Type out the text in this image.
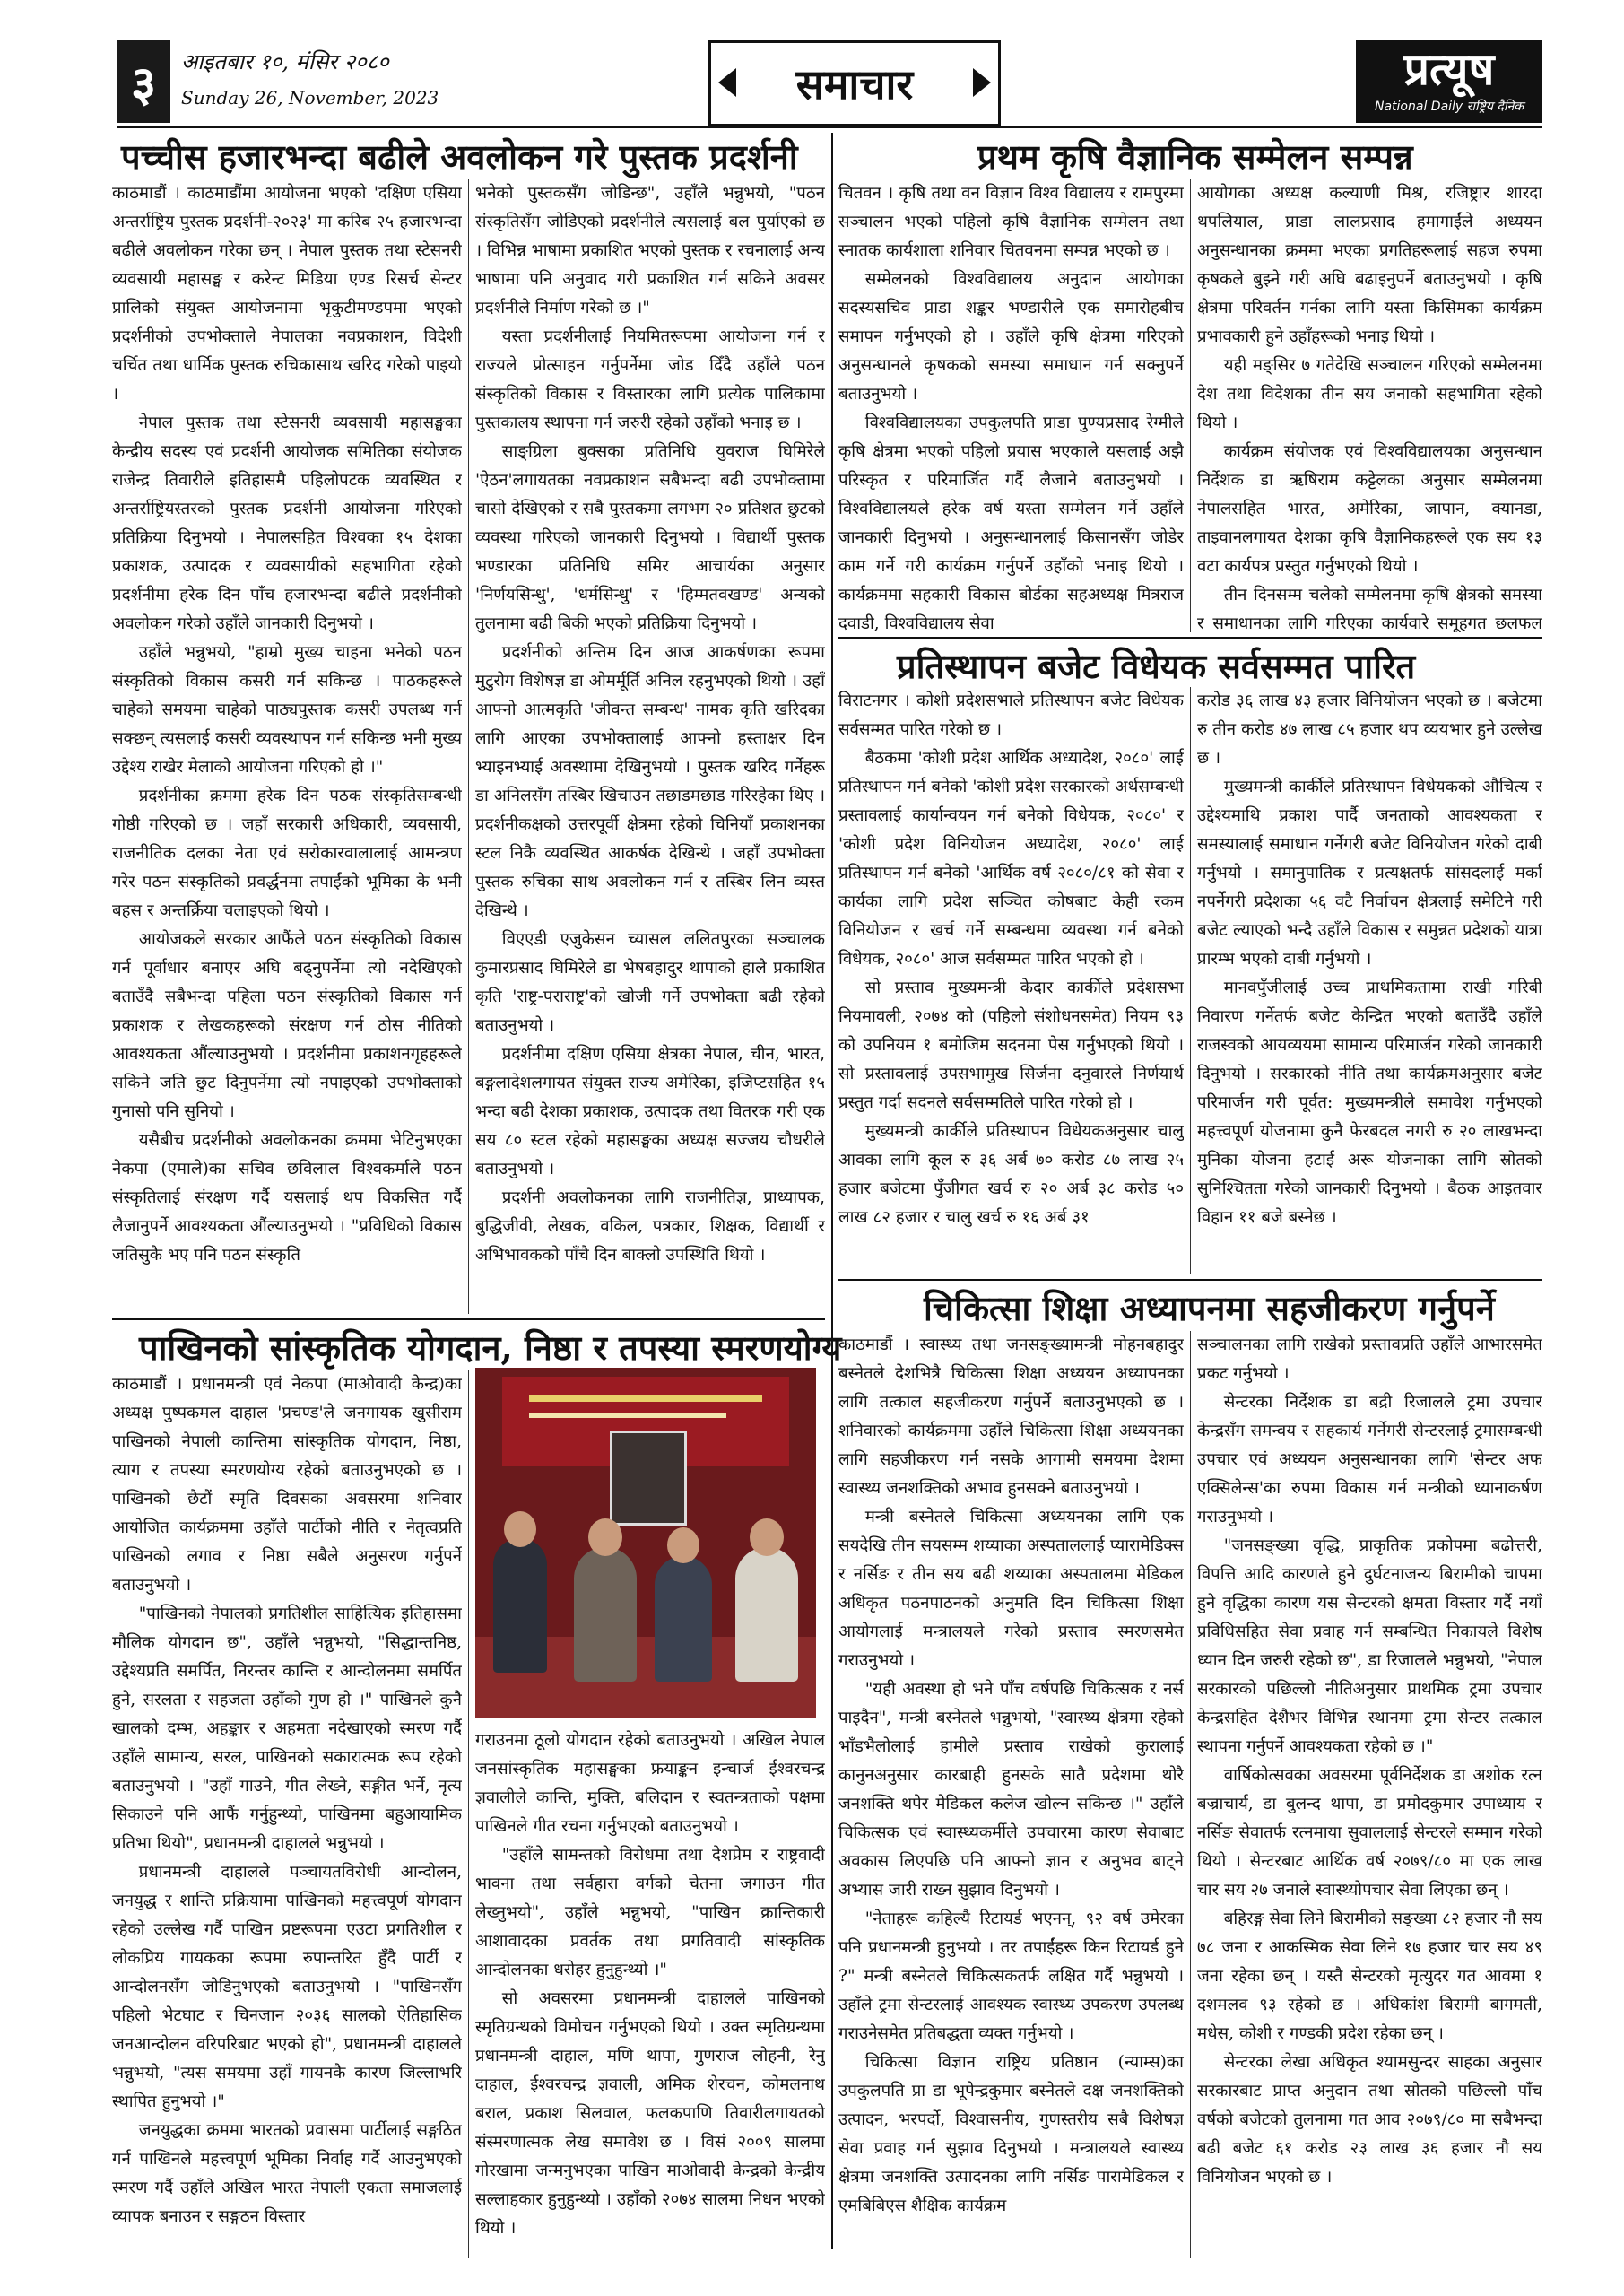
३	आइतबार १०, मंसिर २०८०
Sunday 26, November, 2023	समाचार	प्रत्यूष
National Daily राष्ट्रिय दैनिक
पच्चीस हजारभन्दा बढीले अवलोकन गरे पुस्तक प्रदर्शनी

काठमाडौं । काठमाडौंमा आयोजना भएको 'दक्षिण एसिया अन्तर्राष्ट्रिय पुस्तक प्रदर्शनी-२०२३' मा करिब २५ हजारभन्दा बढीले अवलोकन गरेका छन् । नेपाल पुस्तक तथा स्टेसनरी व्यवसायी महासङ्घ र करेन्ट मिडिया एण्ड रिसर्च सेन्टर प्रालिको संयुक्त आयोजनामा भृकुटीमण्डपमा भएको प्रदर्शनीको उपभोक्ताले नेपालका नवप्रकाशन, विदेशी चर्चित तथा धार्मिक पुस्तक रुचिकासाथ खरिद गरेको पाइयो ।

नेपाल पुस्तक तथा स्टेसनरी व्यवसायी महासङ्घका केन्द्रीय सदस्य एवं प्रदर्शनी आयोजक समितिका संयोजक राजेन्द्र तिवारीले इतिहासमै पहिलोपटक व्यवस्थित र अन्तर्राष्ट्रियस्तरको पुस्तक प्रदर्शनी आयोजना गरिएको प्रतिक्रिया दिनुभयो । नेपालसहित विश्वका १५ देशका प्रकाशक, उत्पादक र व्यवसायीको सहभागिता रहेको प्रदर्शनीमा हरेक दिन पाँच हजारभन्दा बढीले प्रदर्शनीको अवलोकन गरेको उहाँले जानकारी दिनुभयो ।

उहाँले भन्नुभयो, "हाम्रो मुख्य चाहना भनेको पठन संस्कृतिको विकास कसरी गर्न सकिन्छ । पाठकहरूले चाहेको समयमा चाहेको पाठ्यपुस्तक कसरी उपलब्ध गर्न सक्छन् त्यसलाई कसरी व्यवस्थापन गर्न सकिन्छ भनी मुख्य उद्देश्य राखेर मेलाको आयोजना गरिएको हो ।"

प्रदर्शनीका क्रममा हरेक दिन पठक संस्कृतिसम्बन्धी गोष्ठी गरिएको छ । जहाँ सरकारी अधिकारी, व्यवसायी, राजनीतिक दलका नेता एवं सरोकारवालालाई आमन्त्रण गरेर पठन संस्कृतिको प्रवर्द्धनमा तपाईंको भूमिका के भनी बहस र अन्तर्क्रिया चलाइएको थियो ।

आयोजकले सरकार आफैंले पठन संस्कृतिको विकास गर्न पूर्वाधार बनाएर अघि बढ्नुपर्नेमा त्यो नदेखिएको बताउँदै सबैभन्दा पहिला पठन संस्कृतिको विकास गर्न प्रकाशक र लेखकहरूको संरक्षण गर्न ठोस नीतिको आवश्यकता औंल्याउनुभयो । प्रदर्शनीमा प्रकाशनगृहहरूले सकिने जति छुट दिनुपर्नेमा त्यो नपाइएको उपभोक्ताको गुनासो पनि सुनियो ।

यसैबीच प्रदर्शनीको अवलोकनका क्रममा भेटिनुभएका नेकपा (एमाले)का सचिव छविलाल विश्वकर्माले पठन संस्कृतिलाई संरक्षण गर्दै यसलाई थप विकसित गर्दै लैजानुपर्ने आवश्यकता औंल्याउनुभयो । "प्रविधिको विकास जतिसुकै भए पनि पठन संस्कृति

भनेको पुस्तकसँग जोडिन्छ", उहाँले भन्नुभयो, "पठन संस्कृतिसँग जोडिएको प्रदर्शनीले त्यसलाई बल पुर्याएको छ । विभिन्न भाषामा प्रकाशित भएको पुस्तक र रचनालाई अन्य भाषामा पनि अनुवाद गरी प्रकाशित गर्न सकिने अवसर प्रदर्शनीले निर्माण गरेको छ ।"

यस्ता प्रदर्शनीलाई नियमितरूपमा आयोजना गर्न र राज्यले प्रोत्साहन गर्नुपर्नेमा जोड दिँदै उहाँले पठन संस्कृतिको विकास र विस्तारका लागि प्रत्येक पालिकामा पुस्तकालय स्थापना गर्न जरुरी रहेको उहाँको भनाइ छ ।

साङ्ग्रिला बुक्सका प्रतिनिधि युवराज घिमिरेले 'ऐठन'लगायतका नवप्रकाशन सबैभन्दा बढी उपभोक्तामा चासो देखिएको र सबै पुस्तकमा लगभग २० प्रतिशत छुटको व्यवस्था गरिएको जानकारी दिनुभयो । विद्यार्थी पुस्तक भण्डारका प्रतिनिधि समिर आचार्यका अनुसार 'निर्णयसिन्धु', 'धर्मसिन्धु' र 'हिम्मतवखण्ड' अन्यको तुलनामा बढी बिकी भएको प्रतिक्रिया दिनुभयो ।

प्रदर्शनीको अन्तिम दिन आज आकर्षणका रूपमा मुटुरोग विशेषज्ञ डा ओमर्मूर्ति अनिल रहनुभएको थियो । उहाँ आफ्नो आत्मकृति 'जीवन्त सम्बन्ध' नामक कृति खरिदका लागि आएका उपभोक्तालाई आफ्नो हस्ताक्षर दिन भ्याइनभ्याई अवस्थामा देखिनुभयो । पुस्तक खरिद गर्नेहरू डा अनिलसँग तस्बिर खिचाउन तछाडमछाड गरिरहेका थिए । प्रदर्शनीकक्षको उत्तरपूर्वी क्षेत्रमा रहेको चिनियाँ प्रकाशनका स्टल निकै व्यवस्थित आकर्षक देखिन्थे । जहाँ उपभोक्ता पुस्तक रुचिका साथ अवलोकन गर्न र तस्बिर लिन व्यस्त देखिन्थे ।

विएएडी एजुकेसन च्यासल ललितपुरका सञ्चालक कुमारप्रसाद घिमिरेले डा भेषबहादुर थापाको हालै प्रकाशित कृति 'राष्ट्र-पराराष्ट्र'को खोजी गर्ने उपभोक्ता बढी रहेको बताउनुभयो ।

प्रदर्शनीमा दक्षिण एसिया क्षेत्रका नेपाल, चीन, भारत, बङ्गलादेशलगायत संयुक्त राज्य अमेरिका, इजिप्टसहित १५ भन्दा बढी देशका प्रकाशक, उत्पादक तथा वितरक गरी एक सय ८० स्टल रहेको महासङ्घका अध्यक्ष सज्जय चौधरीले बताउनुभयो ।

प्रदर्शनी अवलोकनका लागि राजनीतिज्ञ, प्राध्यापक, बुद्धिजीवी, लेखक, वकिल, पत्रकार, शिक्षक, विद्यार्थी र अभिभावकको पाँचै दिन बाक्लो उपस्थिति थियो ।

पाखिनको सांस्कृतिक योगदान, निष्ठा र तपस्या स्मरणयोग्य

काठमाडौं । प्रधानमन्त्री एवं नेकपा (माओवादी केन्द्र)का अध्यक्ष पुष्पकमल दाहाल 'प्रचण्ड'ले जनगायक खुसीराम पाखिनको नेपाली कान्तिमा सांस्कृतिक योगदान, निष्ठा, त्याग र तपस्या स्मरणयोग्य रहेको बताउनुभएको छ । पाखिनको छैटौं स्मृति दिवसका अवसरमा शनिवार आयोजित कार्यक्रममा उहाँले पार्टीको नीति र नेतृत्वप्रति पाखिनको लगाव र निष्ठा सबैले अनुसरण गर्नुपर्ने बताउनुभयो ।

"पाखिनको नेपालको प्रगतिशील साहित्यिक इतिहासमा मौलिक योगदान छ", उहाँले भन्नुभयो, "सिद्धान्तनिष्ठ, उद्देश्यप्रति समर्पित, निरन्तर कान्ति र आन्दोलनमा समर्पित हुने, सरलता र सहजता उहाँको गुण हो ।" पाखिनले कुनै खालको दम्भ, अहङ्कार र अहमता नदेखाएको स्मरण गर्दै उहाँले सामान्य, सरल, पाखिनको सकारात्मक रूप रहेको बताउनुभयो । "उहाँ गाउने, गीत लेख्ने, सङ्गीत भर्ने, नृत्य सिकाउने पनि आफैं गर्नुहुन्थ्यो, पाखिनमा बहुआयामिक प्रतिभा थियो", प्रधानमन्त्री दाहालले भन्नुभयो ।

प्रधानमन्त्री दाहालले पञ्चायतविरोधी आन्दोलन, जनयुद्ध र शान्ति प्रक्रियामा पाखिनको महत्त्वपूर्ण योगदान रहेको उल्लेख गर्दै पाखिन प्रष्टरूपमा एउटा प्रगतिशील र लोकप्रिय गायकका रूपमा रुपान्तरित हुँदै पार्टी र आन्दोलनसँग जोडिनुभएको बताउनुभयो । "पाखिनसँग पहिलो भेटघाट र चिनजान २०३६ सालको ऐतिहासिक जनआन्दोलन वरिपरिबाट भएको हो", प्रधानमन्त्री दाहालले भन्नुभयो, "त्यस समयमा उहाँ गायनकै कारण जिल्लाभरि स्थापित हुनुभयो ।"

जनयुद्धका क्रममा भारतको प्रवासमा पार्टीलाई सङ्गठित गर्न पाखिनले महत्त्वपूर्ण भूमिका निर्वाह गर्दै आउनुभएको स्मरण गर्दै उहाँले अखिल भारत नेपाली एकता समाजलाई व्यापक बनाउन र सङ्गठन विस्तार

गराउनमा ठूलो योगदान रहेको बताउनुभयो । अखिल नेपाल जनसांस्कृतिक महासङ्घका फ्रयाङ्कन इन्चार्ज ईश्वरचन्द्र ज्ञवालीले कान्ति, मुक्ति, बलिदान र स्वतन्त्रताको पक्षमा पाखिनले गीत रचना गर्नुभएको बताउनुभयो ।

"उहाँले सामन्तको विरोधमा तथा देशप्रेम र राष्ट्रवादी भावना तथा सर्वहारा वर्गको चेतना जगाउन गीत लेख्नुभयो", उहाँले भन्नुभयो, "पाखिन क्रान्तिकारी आशावादका प्रवर्तक तथा प्रगतिवादी सांस्कृतिक आन्दोलनका धरोहर हुनुहुन्थ्यो ।"

सो अवसरमा प्रधानमन्त्री दाहालले पाखिनको स्मृतिग्रन्थको विमोचन गर्नुभएको थियो । उक्त स्मृतिग्रन्थमा प्रधानमन्त्री दाहाल, मणि थापा, गुणराज लोहनी, रेनु दाहाल, ईश्वरचन्द्र ज्ञवाली, अमिक शेरचन, कोमलनाथ बराल, प्रकाश सिलवाल, फलकपाणि तिवारीलगायतको संस्मरणात्मक लेख समावेश छ । विसं २००९ सालमा गोरखामा जन्मनुभएका पाखिन माओवादी केन्द्रको केन्द्रीय सल्लाहकार हुनुहुन्थ्यो । उहाँको २०७४ सालमा निधन भएको थियो ।

प्रथम कृषि वैज्ञानिक सम्मेलन सम्पन्न

चितवन । कृषि तथा वन विज्ञान विश्व विद्यालय र रामपुरमा सञ्चालन भएको पहिलो कृषि वैज्ञानिक सम्मेलन तथा स्नातक कार्यशाला शनिवार चितवनमा सम्पन्न भएको छ ।

सम्मेलनको विश्वविद्यालय अनुदान आयोगका सदस्यसचिव प्राडा शङ्कर भण्डारीले एक समारोहबीच समापन गर्नुभएको हो । उहाँले कृषि क्षेत्रमा गरिएको अनुसन्धानले कृषकको समस्या समाधान गर्न सक्नुपर्ने बताउनुभयो ।

विश्वविद्यालयका उपकुलपति प्राडा पुण्यप्रसाद रेग्मीले कृषि क्षेत्रमा भएको पहिलो प्रयास भएकाले यसलाई अझै परिस्कृत र परिमार्जित गर्दै लैजाने बताउनुभयो । विश्वविद्यालयले हरेक वर्ष यस्ता सम्मेलन गर्ने उहाँले जानकारी दिनुभयो । अनुसन्धानलाई किसानसँग जोडेर काम गर्ने गरी कार्यक्रम गर्नुपर्ने उहाँको भनाइ थियो । कार्यक्रममा सहकारी विकास बोर्डका सहअध्यक्ष मित्रराज दवाडी, विश्वविद्यालय सेवा

आयोगका अध्यक्ष कल्याणी मिश्र, रजिष्ट्रार शारदा थपलियाल, प्राडा लालप्रसाद हमागाईंले अध्ययन अनुसन्धानका क्रममा भएका प्रगतिहरूलाई सहज रुपमा कृषकले बुझ्ने गरी अघि बढाइनुपर्ने बताउनुभयो । कृषि क्षेत्रमा परिवर्तन गर्नका लागि यस्ता किसिमका कार्यक्रम प्रभावकारी हुने उहाँहरूको भनाइ थियो ।

यही मङ्सिर ७ गतेदेखि सञ्चालन गरिएको सम्मेलनमा देश तथा विदेशका तीन सय जनाको सहभागिता रहेको थियो ।

कार्यक्रम संयोजक एवं विश्वविद्यालयका अनुसन्धान निर्देशक डा ऋषिराम कट्टेलका अनुसार सम्मेलनमा नेपालसहित भारत, अमेरिका, जापान, क्यानडा, ताइवानलगायत देशका कृषि वैज्ञानिकहरूले एक सय १३ वटा कार्यपत्र प्रस्तुत गर्नुभएको थियो ।

तीन दिनसम्म चलेको सम्मेलनमा कृषि क्षेत्रको समस्या र समाधानका लागि गरिएका कार्यवारे समूहगत छलफल

प्रतिस्थापन बजेट विधेयक सर्वसम्मत पारित

विराटनगर । कोशी प्रदेशसभाले प्रतिस्थापन बजेट विधेयक सर्वसम्मत पारित गरेको छ ।

बैठकमा 'कोशी प्रदेश आर्थिक अध्यादेश, २०८०' लाई प्रतिस्थापन गर्न बनेको 'कोशी प्रदेश सरकारको अर्थसम्बन्धी प्रस्तावलाई कार्यान्वयन गर्न बनेको विधेयक, २०८०' र 'कोशी प्रदेश विनियोजन अध्यादेश, २०८०' लाई प्रतिस्थापन गर्न बनेको 'आर्थिक वर्ष २०८०/८१ को सेवा र कार्यका लागि प्रदेश सञ्चित कोषबाट केही रकम विनियोजन र खर्च गर्ने सम्बन्धमा व्यवस्था गर्न बनेको विधेयक, २०८०' आज सर्वसम्मत पारित भएको हो ।

सो प्रस्ताव मुख्यमन्त्री केदार कार्कीले प्रदेशसभा नियमावली, २०७४ को (पहिलो संशोधनसमेत) नियम ९३ को उपनियम १ बमोजिम सदनमा पेस गर्नुभएको थियो । सो प्रस्तावलाई उपसभामुख सिर्जना दनुवारले निर्णयार्थ प्रस्तुत गर्दा सदनले सर्वसम्मतिले पारित गरेको हो ।

मुख्यमन्त्री कार्कीले प्रतिस्थापन विधेयकअनुसार चालु आवका लागि कूल रु ३६ अर्ब ७० करोड ८७ लाख २५ हजार बजेटमा पुँजीगत खर्च रु २० अर्ब ३८ करोड ५० लाख ८२ हजार र चालु खर्च रु १६ अर्ब ३१

करोड ३६ लाख ४३ हजार विनियोजन भएको छ । बजेटमा रु तीन करोड ४७ लाख ८५ हजार थप व्ययभार हुने उल्लेख छ ।

मुख्यमन्त्री कार्कीले प्रतिस्थापन विधेयकको औचित्य र उद्देश्यमाथि प्रकाश पार्दै जनताको आवश्यकता र समस्यालाई समाधान गर्नेगरी बजेट विनियोजन गरेको दाबी गर्नुभयो । समानुपातिक र प्रत्यक्षतर्फ सांसदलाई मर्का नपर्नेगरी प्रदेशका ५६ वटै निर्वाचन क्षेत्रलाई समेटिने गरी बजेट ल्याएको भन्दै उहाँले विकास र समुन्नत प्रदेशको यात्रा प्रारम्भ भएको दाबी गर्नुभयो ।

मानवपुँजीलाई उच्च प्राथमिकतामा राखी गरिबी निवारण गर्नेतर्फ बजेट केन्द्रित भएको बताउँदै उहाँले राजस्वको आयव्ययमा सामान्य परिमार्जन गरेको जानकारी दिनुभयो । सरकारको नीति तथा कार्यक्रमअनुसार बजेट परिमार्जन गरी पूर्वत: मुख्यमन्त्रीले समावेश गर्नुभएको महत्त्वपूर्ण योजनामा कुनै फेरबदल नगरी रु २० लाखभन्दा मुनिका योजना हटाई अरू योजनाका लागि स्रोतको सुनिश्चितता गरेको जानकारी दिनुभयो । बैठक आइतवार विहान ११ बजे बस्नेछ ।

चिकित्सा शिक्षा अध्यापनमा सहजीकरण गर्नुपर्ने

काठमाडौं । स्वास्थ्य तथा जनसङ्ख्यामन्त्री मोहनबहादुर बस्नेतले देशभित्रै चिकित्सा शिक्षा अध्ययन अध्यापनका लागि तत्काल सहजीकरण गर्नुपर्ने बताउनुभएको छ । शनिवारको कार्यक्रममा उहाँले चिकित्सा शिक्षा अध्ययनका लागि सहजीकरण गर्न नसके आगामी समयमा देशमा स्वास्थ्य जनशक्तिको अभाव हुनसक्ने बताउनुभयो ।

मन्त्री बस्नेतले चिकित्सा अध्ययनका लागि एक सयदेखि तीन सयसम्म शय्याका अस्पताललाई प्यारामेडिक्स र नर्सिङ र तीन सय बढी शय्याका अस्पतालमा मेडिकल अधिकृत पठनपाठनको अनुमति दिन चिकित्सा शिक्षा आयोगलाई मन्त्रालयले गरेको प्रस्ताव स्मरणसमेत गराउनुभयो ।

"यही अवस्था हो भने पाँच वर्षपछि चिकित्सक र नर्स पाइदैन", मन्त्री बस्नेतले भन्नुभयो, "स्वास्थ्य क्षेत्रमा रहेको भाँडभैलोलाई हामीले प्रस्ताव राखेको कुरालाई कानुनअनुसार कारबाही हुनसके सातै प्रदेशमा थोरै जनशक्ति थपेर मेडिकल कलेज खोल्न सकिन्छ ।" उहाँले चिकित्सक एवं स्वास्थ्यकर्मीले उपचारमा कारण सेवाबाट अवकास लिएपछि पनि आफ्नो ज्ञान र अनुभव बाट्ने अभ्यास जारी राख्न सुझाव दिनुभयो ।

"नेताहरू कहिल्यै रिटायर्ड भएनन्, ९२ वर्ष उमेरका पनि प्रधानमन्त्री हुनुभयो । तर तपाईंहरू किन रिटायर्ड हुने ?" मन्त्री बस्नेतले चिकित्सकतर्फ लक्षित गर्दै भन्नुभयो । उहाँले ट्रमा सेन्टरलाई आवश्यक स्वास्थ्य उपकरण उपलब्ध गराउनेसमेत प्रतिबद्धता व्यक्त गर्नुभयो ।

चिकित्सा विज्ञान राष्ट्रिय प्रतिष्ठान (न्याम्स)का उपकुलपति प्रा डा भूपेन्द्रकुमार बस्नेतले दक्ष जनशक्तिको उत्पादन, भरपर्दो, विश्वासनीय, गुणस्तरीय सबै विशेषज्ञ सेवा प्रवाह गर्न सुझाव दिनुभयो । मन्त्रालयले स्वास्थ्य क्षेत्रमा जनशक्ति उत्पादनका लागि नर्सिङ पारामेडिकल र एमबिबिएस शैक्षिक कार्यक्रम

सञ्चालनका लागि राखेको प्रस्तावप्रति उहाँले आभारसमेत प्रकट गर्नुभयो ।

सेन्टरका निर्देशक डा बद्री रिजालले ट्रमा उपचार केन्द्रसँग समन्वय र सहकार्य गर्नेगरी सेन्टरलाई ट्रमासम्बन्धी उपचार एवं अध्ययन अनुसन्धानका लागि 'सेन्टर अफ एक्सिलेन्स'का रुपमा विकास गर्न मन्त्रीको ध्यानाकर्षण गराउनुभयो ।

"जनसङ्ख्या वृद्धि, प्राकृतिक प्रकोपमा बढोत्तरी, विपत्ति आदि कारणले हुने दुर्घटनाजन्य बिरामीको चापमा हुने वृद्धिका कारण यस सेन्टरको क्षमता विस्तार गर्दै नयाँ प्रविधिसहित सेवा प्रवाह गर्न सम्बन्धित निकायले विशेष ध्यान दिन जरुरी रहेको छ", डा रिजालले भन्नुभयो, "नेपाल सरकारको पछिल्लो नीतिअनुसार प्राथमिक ट्रमा उपचार केन्द्रसहित देशैभर विभिन्न स्थानमा ट्रमा सेन्टर तत्काल स्थापना गर्नुपर्ने आवश्यकता रहेको छ ।"

वार्षिकोत्सवका अवसरमा पूर्वनिर्देशक डा अशोक रत्न बज्राचार्य, डा बुलन्द थापा, डा प्रमोदकुमार उपाध्याय र नर्सिङ सेवातर्फ रत्नमाया सुवाललाई सेन्टरले सम्मान गरेको थियो । सेन्टरबाट आर्थिक वर्ष २०७९/८० मा एक लाख चार सय २७ जनाले स्वास्थ्योपचार सेवा लिएका छन् ।

बहिरङ्ग सेवा लिने बिरामीको सङ्ख्या ८२ हजार नौ सय ७८ जना र आकस्मिक सेवा लिने १७ हजार चार सय ४९ जना रहेका छन् । यस्तै सेन्टरको मृत्युदर गत आवमा १ दशमलव ९३ रहेको छ । अधिकांश बिरामी बागमती, मधेस, कोशी र गण्डकी प्रदेश रहेका छन् ।

सेन्टरका लेखा अधिकृत श्यामसुन्दर साहका अनुसार सरकारबाट प्राप्त अनुदान तथा स्रोतको पछिल्लो पाँच वर्षको बजेटको तुलनामा गत आव २०७९/८० मा सबैभन्दा बढी बजेट ६१ करोड २३ लाख ३६ हजार नौ सय विनियोजन भएको छ ।
